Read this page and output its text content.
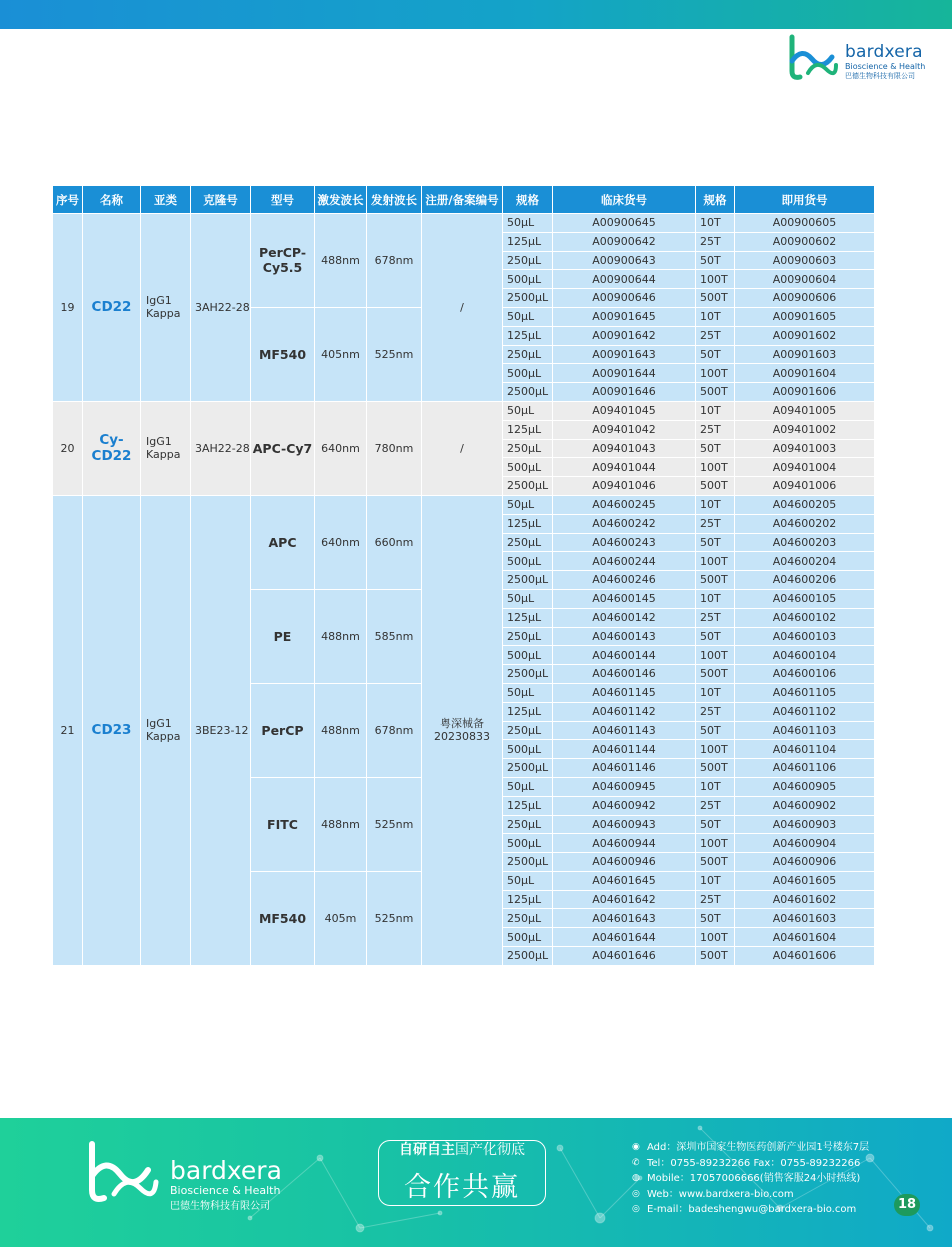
bardxera
Bioscience & Health
巴德生物科技有限公司
序号	名称	亚类	克隆号	型号	激发波长	发射波长	注册/备案编号	规格	临床货号	规格	即用货号
19	CD22	IgG1 Kappa	3AH22-28	PerCP-Cy5.5	488nm	678nm	/	50μL	A00900645	10T	A00900605
								125μL	A00900642	25T	A00900602
								250μL	A00900643	50T	A00900603
								500μL	A00900644	100T	A00900604
								2500μL	A00900646	500T	A00900606
				MF540	405nm	525nm		50μL	A00901645	10T	A00901605
								125μL	A00901642	25T	A00901602
								250μL	A00901643	50T	A00901603
								500μL	A00901644	100T	A00901604
								2500μL	A00901646	500T	A00901606
20	Cy-CD22	IgG1 Kappa	3AH22-28	APC-Cy7	640nm	780nm	/	50μL	A09401045	10T	A09401005
								125μL	A09401042	25T	A09401002
								250μL	A09401043	50T	A09401003
								500μL	A09401044	100T	A09401004
								2500μL	A09401046	500T	A09401006
21	CD23	IgG1 Kappa	3BE23-12	APC	640nm	660nm	粤深械备 20230833	50μL	A04600245	10T	A04600205
								125μL	A04600242	25T	A04600202
								250μL	A04600243	50T	A04600203
								500μL	A04600244	100T	A04600204
								2500μL	A04600246	500T	A04600206
				PE	488nm	585nm		50μL	A04600145	10T	A04600105
								125μL	A04600142	25T	A04600102
								250μL	A04600143	50T	A04600103
								500μL	A04600144	100T	A04600104
								2500μL	A04600146	500T	A04600106
				PerCP	488nm	678nm		50μL	A04601145	10T	A04601105
								125μL	A04601142	25T	A04601102
								250μL	A04601143	50T	A04601103
								500μL	A04601144	100T	A04601104
								2500μL	A04601146	500T	A04601106
				FITC	488nm	525nm		50μL	A04600945	10T	A04600905
								125μL	A04600942	25T	A04600902
								250μL	A04600943	50T	A04600903
								500μL	A04600944	100T	A04600904
								2500μL	A04600946	500T	A04600906
				MF540	405m	525nm		50μL	A04601645	10T	A04601605
								125μL	A04601642	25T	A04601602
								250μL	A04601643	50T	A04601603
								500μL	A04601644	100T	A04601604
								2500μL	A04601646	500T	A04601606
bardxera
Bioscience & Health
巴德生物科技有限公司
自研自主国产化彻底
合作共赢
◉ Add：深圳市国家生物医药创新产业园1号楼东7层
✆ Tel：0755-89232266 Fax：0755-89232266
◍ Mobile：17057006666(销售客服24小时热线)
◎ Web：www.bardxera-bio.com
◎ E-mail：badeshengwu@bardxera-bio.com	18
